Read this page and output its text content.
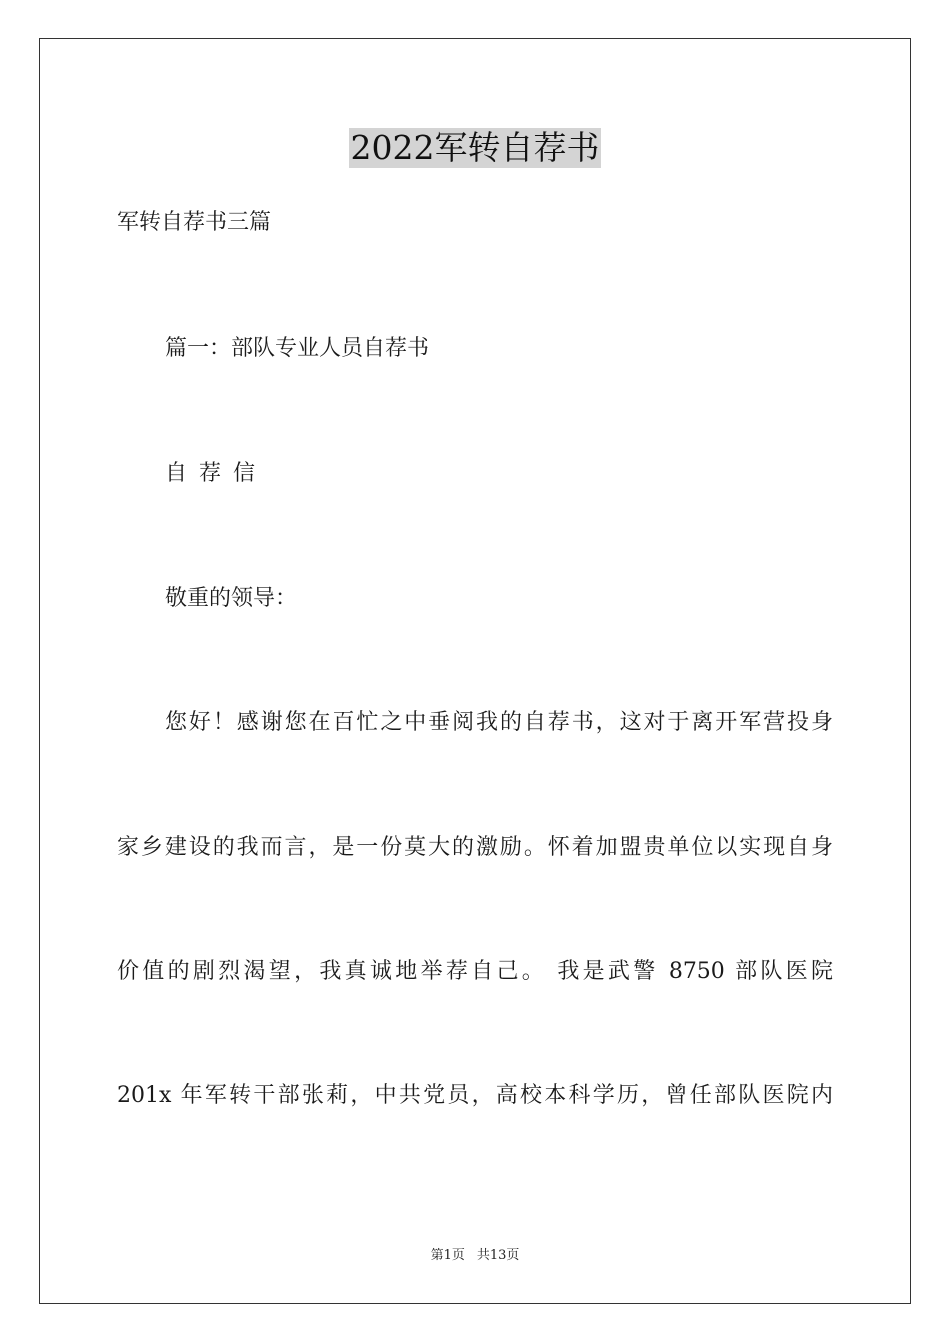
2022军转自荐书
军转自荐书三篇
篇一：部队专业人员自荐书
自荐信
敬重的领导：
您好！感谢您在百忙之中垂阅我的自荐书，这对于离开军营投身
家乡建设的我而言，是一份莫大的激励。怀着加盟贵单位以实现自身
价值的剧烈渴望，我真诚地举荐自己。 我是武警 8750 部队医院
201x 年军转干部张莉，中共党员，高校本科学历，曾任部队医院内
第1页 共13页
